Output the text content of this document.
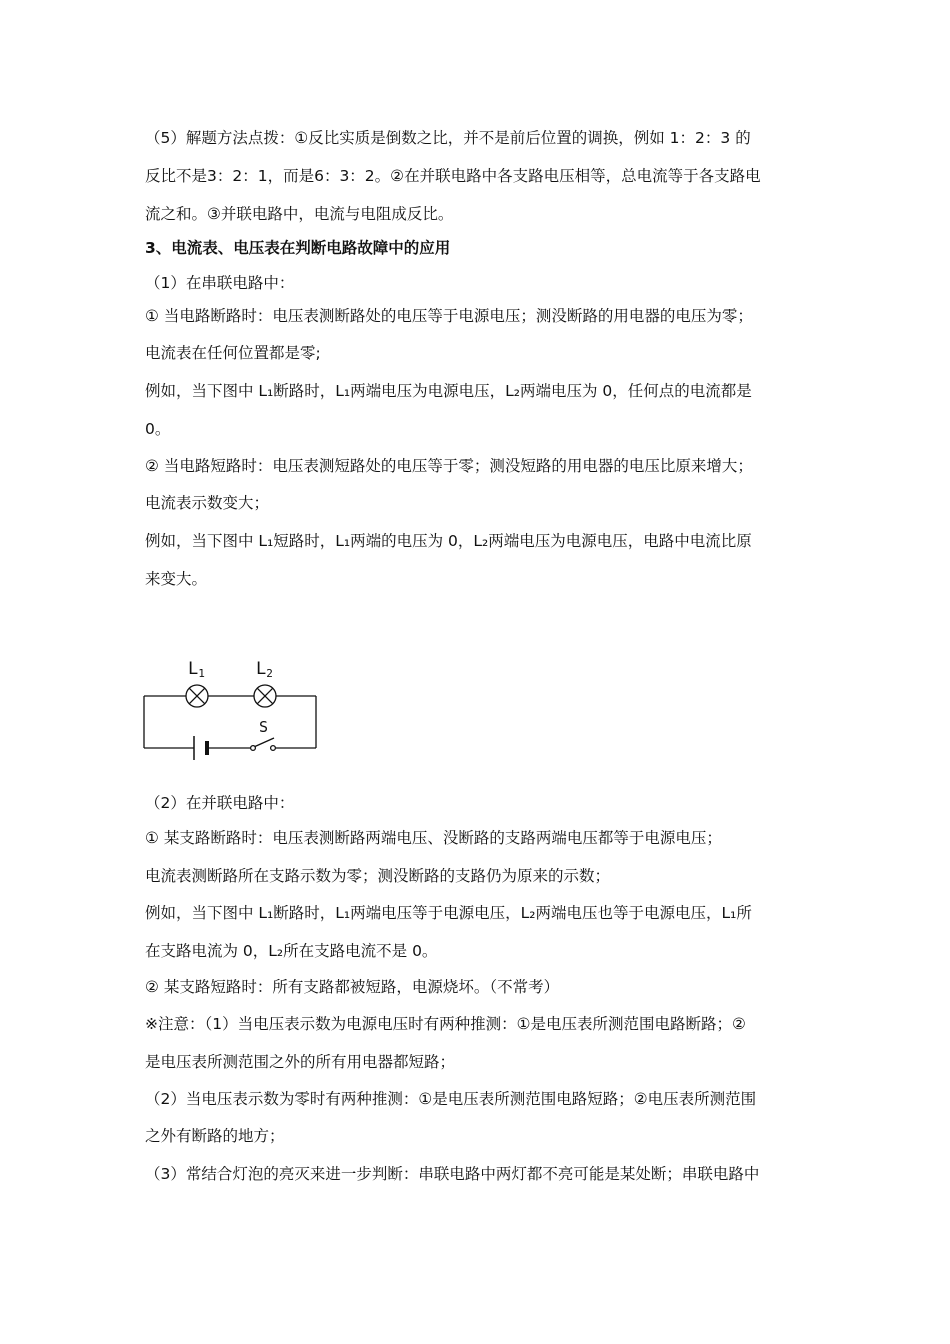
（5）解题方法点拨：①反比实质是倒数之比，并不是前后位置的调换，例如 1：2：3 的
反比不是3：2：1，而是6：3：2。②在并联电路中各支路电压相等，总电流等于各支路电
流之和。③并联电路中，电流与电阻成反比。
3、电流表、电压表在判断电路故障中的应用
（1）在串联电路中：
① 当电路断路时：电压表测断路处的电压等于电源电压；测没断路的用电器的电压为零；
电流表在任何位置都是零;
例如，当下图中 L₁断路时，L₁两端电压为电源电压，L₂两端电压为 0，任何点的电流都是
0。
② 当电路短路时：电压表测短路处的电压等于零；测没短路的用电器的电压比原来增大；
电流表示数变大；
例如，当下图中 L₁短路时，L₁两端的电压为 0，L₂两端电压为电源电压，电路中电流比原
来变大。
L1	L2
S
（2）在并联电路中：
① 某支路断路时：电压表测断路两端电压、没断路的支路两端电压都等于电源电压；
电流表测断路所在支路示数为零；测没断路的支路仍为原来的示数；
例如，当下图中 L₁断路时，L₁两端电压等于电源电压，L₂两端电压也等于电源电压，L₁所
在支路电流为 0，L₂所在支路电流不是 0。
② 某支路短路时：所有支路都被短路，电源烧坏。（不常考）
※注意：（1）当电压表示数为电源电压时有两种推测：①是电压表所测范围电路断路；②
是电压表所测范围之外的所有用电器都短路；
（2）当电压表示数为零时有两种推测：①是电压表所测范围电路短路；②电压表所测范围
之外有断路的地方；
（3）常结合灯泡的亮灭来进一步判断：串联电路中两灯都不亮可能是某处断；串联电路中
